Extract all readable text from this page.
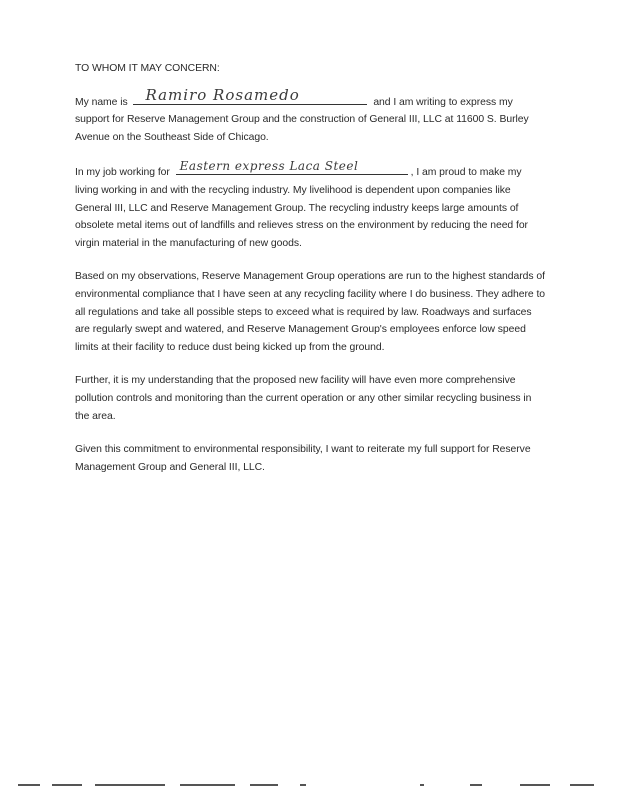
TO WHOM IT MAY CONCERN:

My name is Ramiro Rosamedo	and I am writing to express my support for Reserve Management Group and the construction of General III, LLC at 11600 S. Burley Avenue on the Southeast Side of Chicago.

In my job working for
Eastern express Laca Steel
, I am proud to make my living working in and with the recycling industry. My livelihood is dependent upon companies like General III, LLC and Reserve Management Group. The recycling industry keeps large amounts of obsolete metal items out of landfills and relieves stress on the environment by reducing the need for virgin material in the manufacturing of new goods.

Based on my observations, Reserve Management Group operations are run to the highest standards of environmental compliance that I have seen at any recycling facility where I do business. They adhere to all regulations and take all possible steps to exceed what is required by law. Roadways and surfaces are regularly swept and watered, and Reserve Management Group's employees enforce low speed limits at their facility to reduce dust being kicked up from the ground.

Further, it is my understanding that the proposed new facility will have even more comprehensive pollution controls and monitoring than the current operation or any other similar recycling business in the area.

Given this commitment to environmental responsibility, I want to reiterate my full support for Reserve Management Group and General III, LLC.
